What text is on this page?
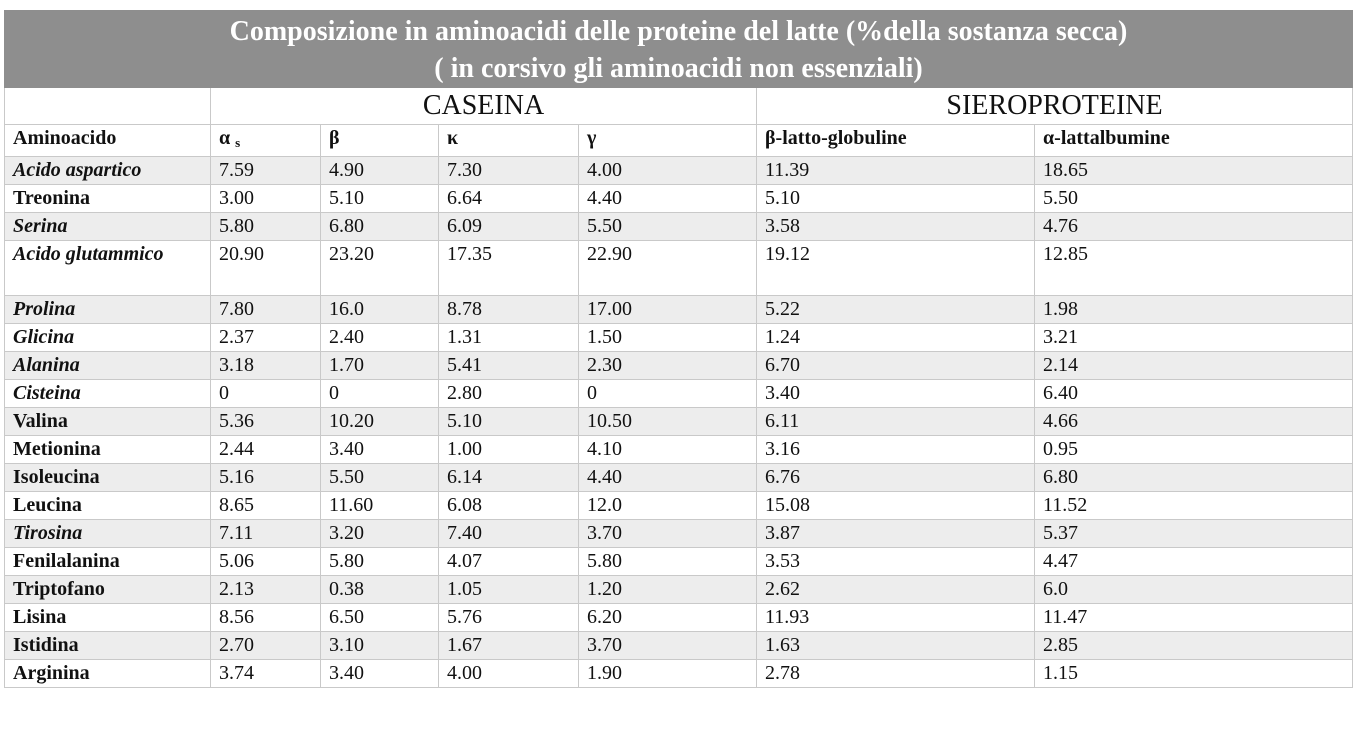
Composizione in aminoacidi delle proteine del latte (%della sostanza secca)
( in corsivo gli aminoacidi non essenziali)						

	CASEINA				SIEROPROTEINE	
Aminoacido	α $_s$	β	κ	γ	β-latto-globuline	α-lattalbumine
Acido aspartico	7.59	4.90	7.30	4.00	11.39	18.65
Treonina	3.00	5.10	6.64	4.40	5.10	5.50
Serina	5.80	6.80	6.09	5.50	3.58	4.76
Acido glutammico	20.90	23.20	17.35	22.90	19.12	12.85
Prolina	7.80	16.0	8.78	17.00	5.22	1.98
Glicina	2.37	2.40	1.31	1.50	1.24	3.21
Alanina	3.18	1.70	5.41	2.30	6.70	2.14
Cisteina	0	0	2.80	0	3.40	6.40
Valina	5.36	10.20	5.10	10.50	6.11	4.66
Metionina	2.44	3.40	1.00	4.10	3.16	0.95
Isoleucina	5.16	5.50	6.14	4.40	6.76	6.80
Leucina	8.65	11.60	6.08	12.0	15.08	11.52
Tirosina	7.11	3.20	7.40	3.70	3.87	5.37
Fenilalanina	5.06	5.80	4.07	5.80	3.53	4.47
Triptofano	2.13	0.38	1.05	1.20	2.62	6.0
Lisina	8.56	6.50	5.76	6.20	11.93	11.47
Istidina	2.70	3.10	1.67	3.70	1.63	2.85
Arginina	3.74	3.40	4.00	1.90	2.78	1.15
